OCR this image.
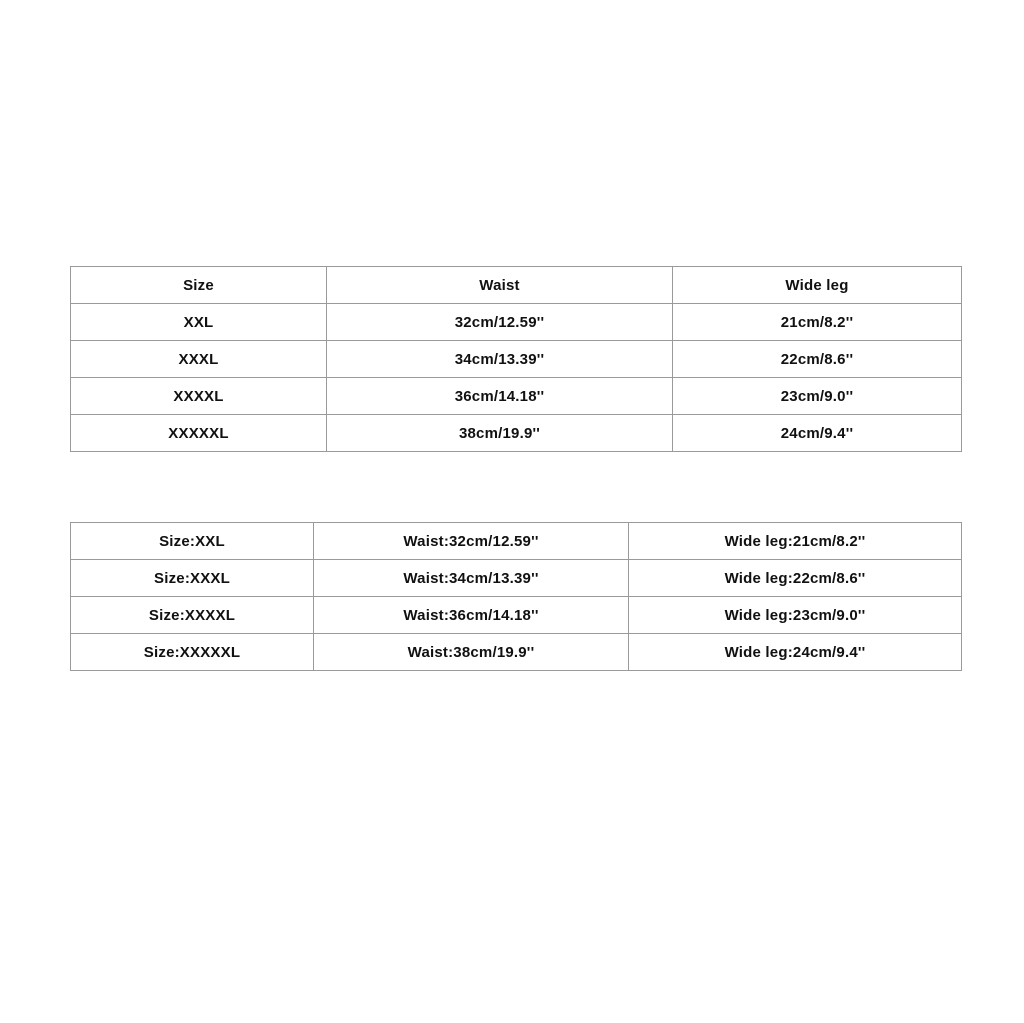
Size	Waist	Wide leg
XXL	32cm/12.59''	21cm/8.2''
XXXL	34cm/13.39''	22cm/8.6''
XXXXL	36cm/14.18''	23cm/9.0''
XXXXXL	38cm/19.9''	24cm/9.4''
Size:XXL	Waist:32cm/12.59''	Wide leg:21cm/8.2''
Size:XXXL	Waist:34cm/13.39''	Wide leg:22cm/8.6''
Size:XXXXL	Waist:36cm/14.18''	Wide leg:23cm/9.0''
Size:XXXXXL	Waist:38cm/19.9''	Wide leg:24cm/9.4''
